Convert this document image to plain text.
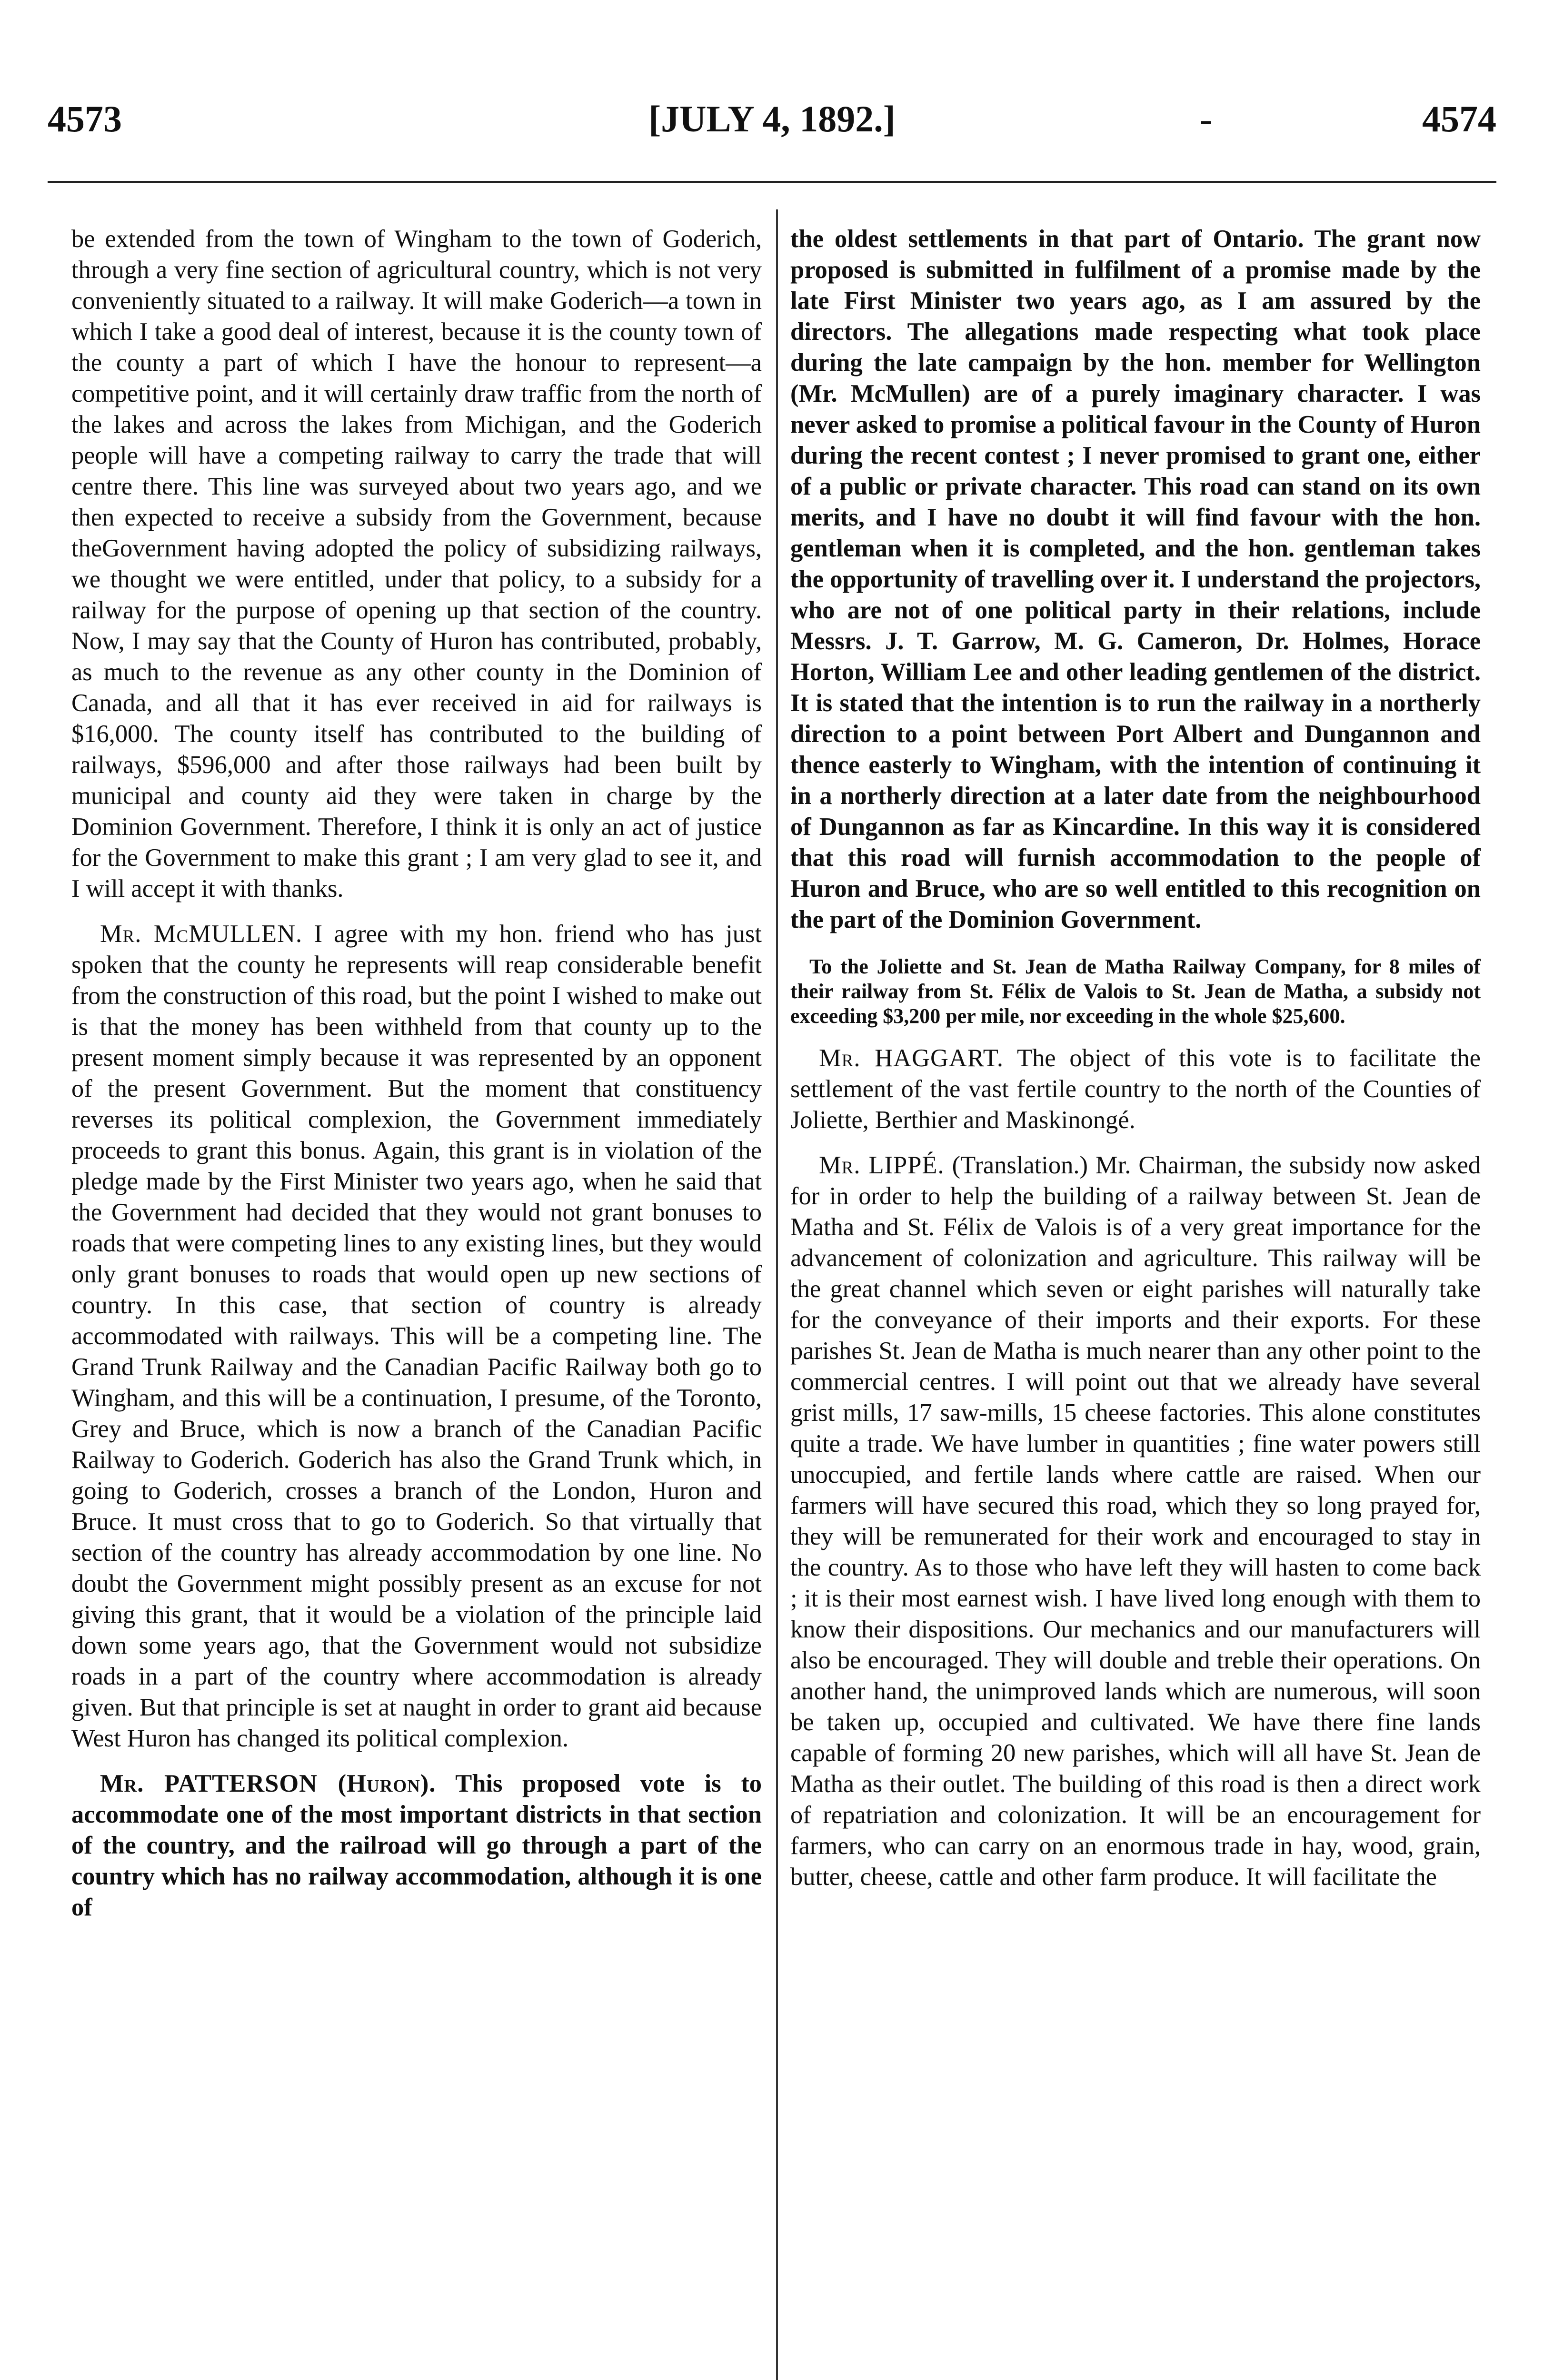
4573	[JULY 4, 1892.]	-	4574

be extended from the town of Wingham to the town of Goderich, through a very fine section of agricultural country, which is not very conveniently situated to a railway. It will make Goderich—a town in which I take a good deal of interest, because it is the county town of the county a part of which I have the honour to represent—a competitive point, and it will certainly draw traffic from the north of the lakes and across the lakes from Michigan, and the Goderich people will have a competing railway to carry the trade that will centre there. This line was surveyed about two years ago, and we then expected to receive a subsidy from the Government, because theGovernment having adopted the policy of subsidizing railways, we thought we were entitled, under that policy, to a subsidy for a railway for the purpose of opening up that section of the country. Now, I may say that the County of Huron has contributed, probably, as much to the revenue as any other county in the Dominion of Canada, and all that it has ever received in aid for railways is $16,000. The county itself has contributed to the building of railways, $596,000 and after those railways had been built by municipal and county aid they were taken in charge by the Dominion Government. Therefore, I think it is only an act of justice for the Government to make this grant ; I am very glad to see it, and I will accept it with thanks.

Mr. McMULLEN. I agree with my hon. friend who has just spoken that the county he represents will reap considerable benefit from the construction of this road, but the point I wished to make out is that the money has been withheld from that county up to the present moment simply because it was represented by an opponent of the present Government. But the moment that constituency reverses its political complexion, the Government immediately proceeds to grant this bonus. Again, this grant is in violation of the pledge made by the First Minister two years ago, when he said that the Government had decided that they would not grant bonuses to roads that were competing lines to any existing lines, but they would only grant bonuses to roads that would open up new sections of country. In this case, that section of country is already accommodated with railways. This will be a competing line. The Grand Trunk Railway and the Canadian Pacific Railway both go to Wingham, and this will be a continuation, I presume, of the Toronto, Grey and Bruce, which is now a branch of the Canadian Pacific Railway to Goderich. Goderich has also the Grand Trunk which, in going to Goderich, crosses a branch of the London, Huron and Bruce. It must cross that to go to Goderich. So that virtually that section of the country has already accommodation by one line. No doubt the Government might possibly present as an excuse for not giving this grant, that it would be a violation of the principle laid down some years ago, that the Government would not subsidize roads in a part of the country where accommodation is already given. But that principle is set at naught in order to grant aid because West Huron has changed its political complexion.

Mr. PATTERSON (Huron). This proposed vote is to accommodate one of the most important districts in that section of the country, and the railroad will go through a part of the country which has no railway accommodation, although it is one of

the oldest settlements in that part of Ontario. The grant now proposed is submitted in fulfilment of a promise made by the late First Minister two years ago, as I am assured by the directors. The allegations made respecting what took place during the late campaign by the hon. member for Wellington (Mr. McMullen) are of a purely imaginary character. I was never asked to promise a political favour in the County of Huron during the recent contest ; I never promised to grant one, either of a public or private character. This road can stand on its own merits, and I have no doubt it will find favour with the hon. gentleman when it is completed, and the hon. gentleman takes the opportunity of travelling over it. I understand the projectors, who are not of one political party in their relations, include Messrs. J. T. Garrow, M. G. Cameron, Dr. Holmes, Horace Horton, William Lee and other leading gentlemen of the district. It is stated that the intention is to run the railway in a northerly direction to a point between Port Albert and Dungannon and thence easterly to Wingham, with the intention of continuing it in a northerly direction at a later date from the neighbourhood of Dungannon as far as Kincardine. In this way it is considered that this road will furnish accommodation to the people of Huron and Bruce, who are so well entitled to this recognition on the part of the Dominion Government.

To the Joliette and St. Jean de Matha Railway Company, for 8 miles of their railway from St. Félix de Valois to St. Jean de Matha, a subsidy not exceeding $3,200 per mile, nor exceeding in the whole $25,600.

Mr. HAGGART. The object of this vote is to facilitate the settlement of the vast fertile country to the north of the Counties of Joliette, Berthier and Maskinongé.

Mr. LIPPÉ. (Translation.) Mr. Chairman, the subsidy now asked for in order to help the building of a railway between St. Jean de Matha and St. Félix de Valois is of a very great importance for the advancement of colonization and agriculture. This railway will be the great channel which seven or eight parishes will naturally take for the conveyance of their imports and their exports. For these parishes St. Jean de Matha is much nearer than any other point to the commercial centres. I will point out that we already have several grist mills, 17 saw-mills, 15 cheese factories. This alone constitutes quite a trade. We have lumber in quantities ; fine water powers still unoccupied, and fertile lands where cattle are raised. When our farmers will have secured this road, which they so long prayed for, they will be remunerated for their work and encouraged to stay in the country. As to those who have left they will hasten to come back ; it is their most earnest wish. I have lived long enough with them to know their dispositions. Our mechanics and our manufacturers will also be encouraged. They will double and treble their operations. On another hand, the unimproved lands which are numerous, will soon be taken up, occupied and cultivated. We have there fine lands capable of forming 20 new parishes, which will all have St. Jean de Matha as their outlet. The building of this road is then a direct work of repatriation and colonization. It will be an encouragement for farmers, who can carry on an enormous trade in hay, wood, grain, butter, cheese, cattle and other farm produce. It will facilitate the
